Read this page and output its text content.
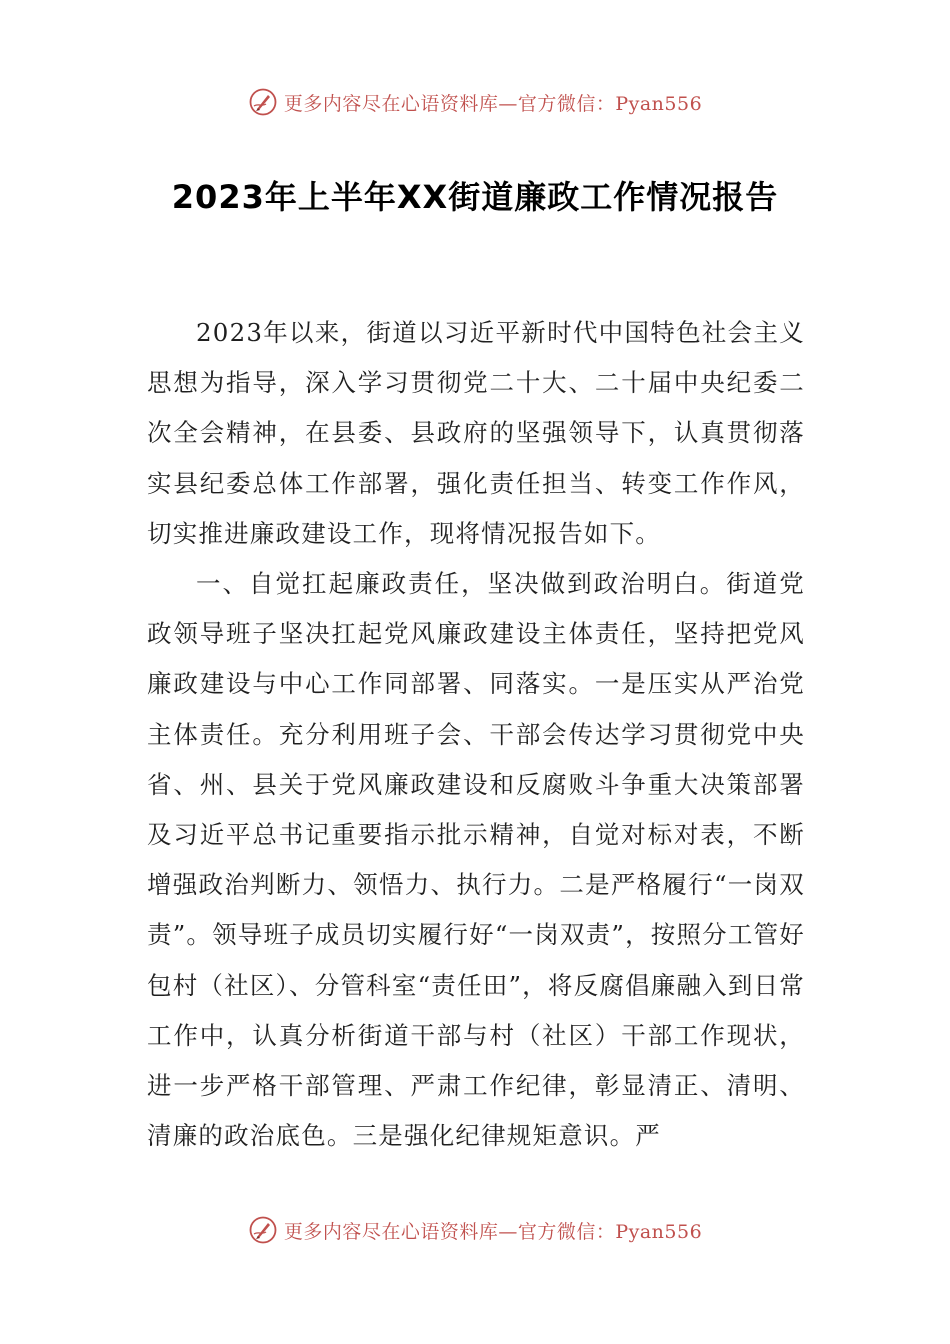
更多内容尽在心语资料库—官方微信：Pyan556
2023年上半年XX街道廉政工作情况报告

2023年以来，街道以习近平新时代中国特色社会主义思想为指导，深入学习贯彻党二十大、二十届中央纪委二次全会精神，在县委、县政府的坚强领导下，认真贯彻落实县纪委总体工作部署，强化责任担当、转变工作作风，切实推进廉政建设工作，现将情况报告如下。

一、自觉扛起廉政责任，坚决做到政治明白。街道党政领导班子坚决扛起党风廉政建设主体责任，坚持把党风廉政建设与中心工作同部署、同落实。一是压实从严治党主体责任。充分利用班子会、干部会传达学习贯彻党中央省、州、县关于党风廉政建设和反腐败斗争重大决策部署及习近平总书记重要指示批示精神，自觉对标对表，不断增强政治判断力、领悟力、执行力。二是严格履行“一岗双责”。领导班子成员切实履行好“一岗双责”，按照分工管好包村（社区）、分管科室“责任田”，将反腐倡廉融入到日常工作中，认真分析街道干部与村（社区）干部工作现状，进一步严格干部管理、严肃工作纪律，彰显清正、清明、清廉的政治底色。三是强化纪律规矩意识。严

更多内容尽在心语资料库—官方微信：Pyan556
